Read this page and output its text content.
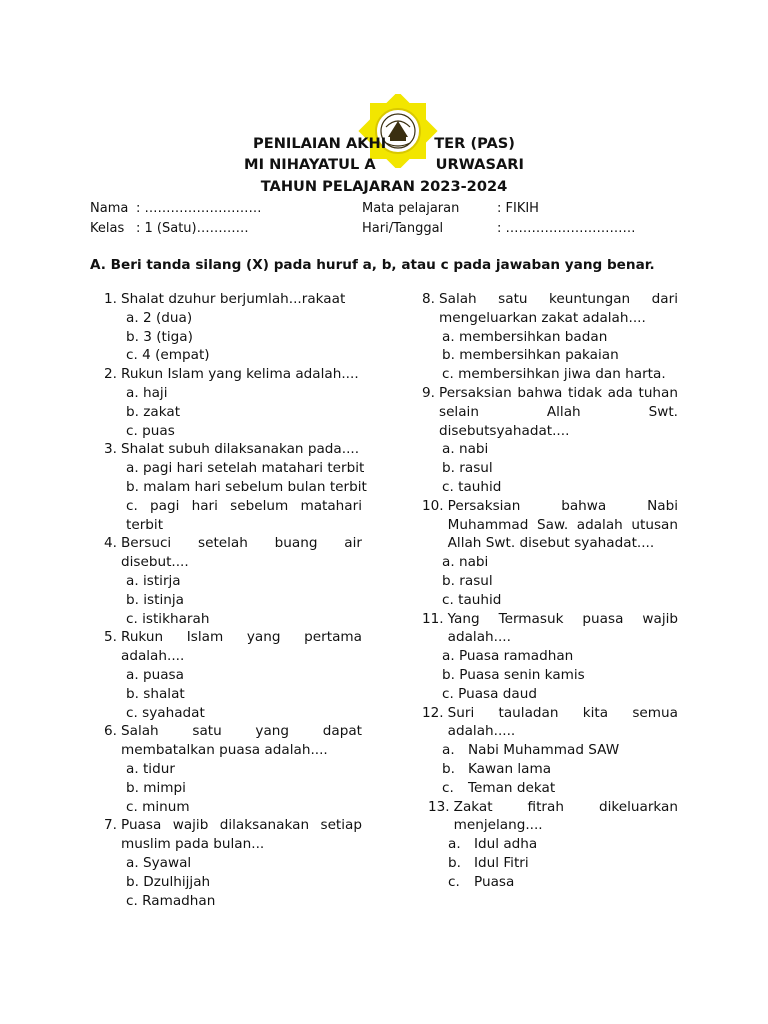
PENILAIAN AKHI	TER (PAS)
MI NIHAYATUL A	URWASARI
TAHUN PELAJARAN 2023-2024
Nama : ………………………
Kelas : 1 (Satu)…………
Mata pelajaran	: FIKIH
Hari/Tanggal	: …………………………
A. Beri tanda silang (X) pada huruf a, b, atau c pada jawaban yang benar.
1. Shalat dzuhur berjumlah...rakaat
a. 2 (dua)
b. 3 (tiga)
c. 4 (empat)
2. Rukun Islam yang kelima adalah....
a. haji
b. zakat
c. puas
3. Shalat subuh dilaksanakan pada....
a. pagi hari setelah matahari terbit
b. malam hari sebelum bulan terbit
c. pagi hari sebelum matahari terbit
4. Bersuci setelah buang air disebut....
a. istirja
b. istinja
c. istikharah
5. Rukun Islam yang pertama adalah....
a. puasa
b. shalat
c. syahadat
6. Salah satu yang dapat membatalkan puasa adalah....
a. tidur
b. mimpi
c. minum
7. Puasa wajib dilaksanakan setiap muslim pada bulan...
a. Syawal
b. Dzulhijjah
c. Ramadhan
8. Salah satu keuntungan dari mengeluarkan zakat adalah....
a. membersihkan badan
b. membersihkan pakaian
c. membersihkan jiwa dan harta.
9. Persaksian bahwa tidak ada tuhan selain Allah Swt. disebutsyahadat....
a. nabi
b. rasul
c. tauhid
10. Persaksian bahwa Nabi Muhammad Saw. adalah utusan Allah Swt. disebut syahadat....
a. nabi
b. rasul
c. tauhid
11. Yang Termasuk puasa wajib adalah....
a. Puasa ramadhan
b. Puasa senin kamis
c. Puasa daud
12. Suri tauladan kita semua adalah.....
a. Nabi Muhammad SAW
b. Kawan lama
c. Teman dekat
13. Zakat fitrah dikeluarkan menjelang....
a. Idul adha
b. Idul Fitri
c. Puasa
